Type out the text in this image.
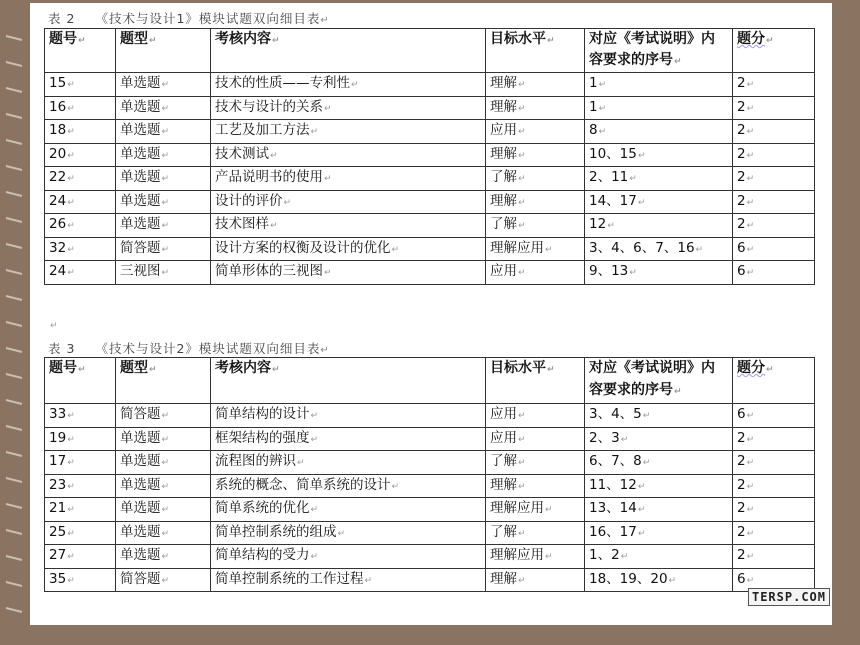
表 2 《技术与设计1》模块试题双向细目表↵
题号↵	题型↵	考核内容↵	目标水平↵	对应《考试说明》内容要求的序号↵	题分↵
15↵	单选题↵	技术的性质——专利性↵	理解↵	1↵	2↵
16↵	单选题↵	技术与设计的关系↵	理解↵	1↵	2↵
18↵	单选题↵	工艺及加工方法↵	应用↵	8↵	2↵
20↵	单选题↵	技术测试↵	理解↵	10、15↵	2↵
22↵	单选题↵	产品说明书的使用↵	了解↵	2、11↵	2↵
24↵	单选题↵	设计的评价↵	理解↵	14、17↵	2↵
26↵	单选题↵	技术图样↵	了解↵	12↵	2↵
32↵	简答题↵	设计方案的权衡及设计的优化↵	理解应用↵	3、4、6、7、16↵	6↵
24↵	三视图↵	简单形体的三视图↵	应用↵	9、13↵	6↵
↵
表 3 《技术与设计2》模块试题双向细目表↵
题号↵	题型↵	考核内容↵	目标水平↵	对应《考试说明》内容要求的序号↵	题分↵
33↵	简答题↵	简单结构的设计↵	应用↵	3、4、5↵	6↵
19↵	单选题↵	框架结构的强度↵	应用↵	2、3↵	2↵
17↵	单选题↵	流程图的辨识↵	了解↵	6、7、8↵	2↵
23↵	单选题↵	系统的概念、简单系统的设计↵	理解↵	11、12↵	2↵
21↵	单选题↵	简单系统的优化↵	理解应用↵	13、14↵	2↵
25↵	单选题↵	简单控制系统的组成↵	了解↵	16、17↵	2↵
27↵	单选题↵	简单结构的受力↵	理解应用↵	1、2↵	2↵
35↵	简答题↵	简单控制系统的工作过程↵	理解↵	18、19、20↵	6↵
TERSP.COM
